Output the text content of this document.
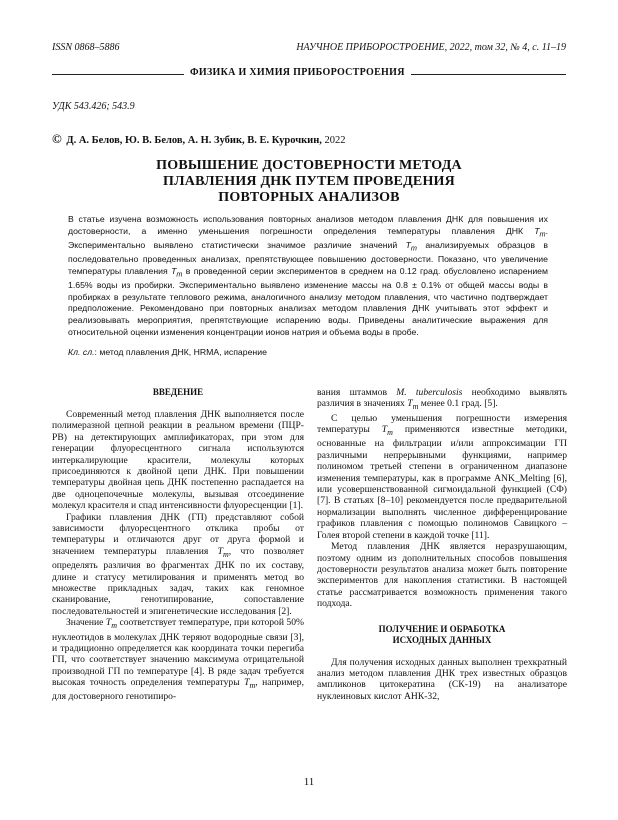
ISSN 0868–5886	НАУЧНОЕ ПРИБОРОСТРОЕНИЕ, 2022, том 32, № 4, с. 11–19
ФИЗИКА И ХИМИЯ ПРИБОРОСТРОЕНИЯ
УДК 543.426; 543.9
© Д. А. Белов, Ю. В. Белов, А. Н. Зубик, В. Е. Курочкин, 2022
ПОВЫШЕНИЕ ДОСТОВЕРНОСТИ МЕТОДА
ПЛАВЛЕНИЯ ДНК ПУТЕМ ПРОВЕДЕНИЯ
ПОВТОРНЫХ АНАЛИЗОВ
В статье изучена возможность использования повторных анализов методом плавления ДНК для повышения их достоверности, а именно уменьшения погрешности определения температуры плавления ДНК $T_m$. Экспериментально выявлено статистически значимое различие значений $T_m$ анализируемых образцов в последовательно проведенных анализах, препятствующее повышению достоверности. Показано, что увеличение температуры плавления $T_m$ в проведенной серии экспериментов в среднем на 0.12 град. обусловлено испарением 1.65% воды из пробирки. Экспериментально выявлено изменение массы на 0.8 ± 0.1% от общей массы воды в пробирках в результате теплового режима, аналогичного анализу методом плавления, что частично подтверждает предположение. Рекомендовано при повторных анализах методом плавления ДНК учитывать этот эффект и реализовывать мероприятия, препятствующие испарению воды. Приведены аналитические выражения для относительной оценки изменения концентрации ионов натрия и объема воды в пробе.
Кл. сл.: метод плавления ДНК, HRMA, испарение
ВВЕДЕНИЕ

Современный метод плавления ДНК выполняется после полимеразной цепной реакции в реальном времени (ПЦР-РВ) на детектирующих амплификаторах, при этом для генерации флуоресцентного сигнала используются интеркалирующие красители, молекулы которых присоединяются к двойной цепи ДНК. При повышении температуры двойная цепь ДНК постепенно распадается на две одноцепочечные молекулы, вызывая отсоединение молекул красителя и спад интенсивности флуоресценции [1].

Графики плавления ДНК (ГП) представляют собой зависимости флуоресцентного отклика пробы от температуры и отличаются друг от друга формой и значением температуры плавления $T_m$, что позволяет определять различия во фрагментах ДНК по их составу, длине и статусу метилирования и применять метод во множестве прикладных задач, таких как геномное сканирование, генотипирование, сопоставление последовательностей и эпигенетические исследования [2].

Значение $T_m$ соответствует температуре, при которой 50% нуклеотидов в молекулах ДНК теряют водородные связи [3], и традиционно определяется как координата точки перегиба ГП, что соответствует значению максимума отрицательной производной ГП по температуре [4]. В ряде задач требуется высокая точность определения температуры $T_m$, например, для достоверного генотипиро-

вания штаммов M. tuberculosis необходимо выявлять различия в значениях $T_m$ менее 0.1 град. [5].

С целью уменьшения погрешности измерения температуры $T_m$ применяются известные методики, основанные на фильтрации и/или аппроксимации ГП различными непрерывными функциями, например полиномом третьей степени в ограниченном диапазоне изменения температуры, как в программе ANK_Melting [6], или усовершенствованной сигмоидальной функцией (СФ) [7]. В статьях [8–10] рекомендуется после предварительной нормализации выполнять численное дифференцирование графиков плавления с помощью полиномов Савицкого – Голея второй степени в каждой точке [11].

Метод плавления ДНК является неразрушающим, поэтому одним из дополнительных способов повышения достоверности результатов анализа может быть повторение экспериментов для накопления статистики. В настоящей статье рассматривается возможность применения такого подхода.

ПОЛУЧЕНИЕ И ОБРАБОТКА
ИСХОДНЫХ ДАННЫХ

Для получения исходных данных выполнен трехкратный анализ методом плавления ДНК трех известных образцов ампликонов цитокератина (СК-19) на анализаторе нуклеиновых кислот АНК-32,

11
